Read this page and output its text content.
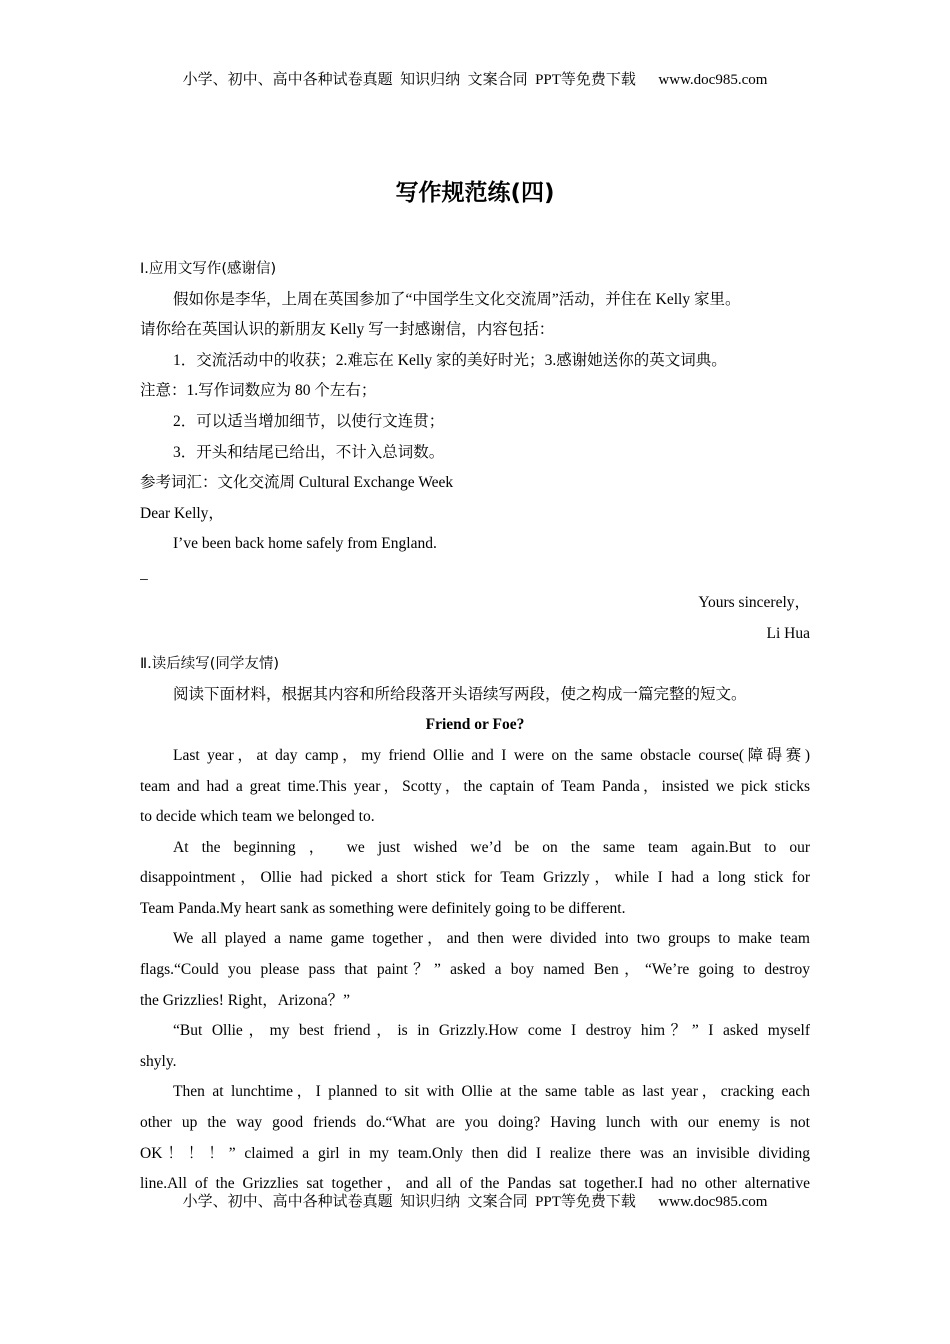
小学、初中、高中各种试卷真题  知识归纳  文案合同  PPT等免费下载      www.doc985.com
写作规范练(四)
Ⅰ.应用文写作(感谢信)
假如你是李华，上周在英国参加了“中国学生文化交流周”活动，并住在 Kelly 家里。
请你给在英国认识的新朋友 Kelly 写一封感谢信，内容包括：
1．交流活动中的收获；2.难忘在 Kelly 家的美好时光；3.感谢她送你的英文词典。
注意：1.写作词数应为 80 个左右；
2．可以适当增加细节，以使行文连贯；
3．开头和结尾已给出，不计入总词数。
参考词汇：文化交流周 Cultural Exchange Week
Dear Kelly，
I’ve been back home safely from England.
_
Yours sincerely，
Li Hua
Ⅱ.读后续写(同学友情)
阅读下面材料，根据其内容和所给段落开头语续写两段，使之构成一篇完整的短文。
Friend or Foe?
Last year，at day camp，my friend Ollie and I were on the same obstacle course(障碍赛)
team and had a great time.This year，Scotty，the captain of Team Panda，insisted we pick sticks
to decide which team we belonged to.
At the beginning ， we just wished we’d be on the same team again.But to our
disappointment，Ollie had picked a short stick for Team Grizzly，while I had a long stick for
Team Panda.My heart sank as something were definitely going to be different.
We all played a name game together，and then were divided into two groups to make team
flags.“Could you please pass that paint？” asked a boy named Ben，“We’re going to destroy
the Grizzlies! Right，Arizona？”
“But Ollie，my best friend，is in Grizzly.How come I destroy him？” I asked myself
shyly.
Then at lunchtime，I planned to sit with Ollie at the same table as last year，cracking each
other up the way good friends do.“What are you doing? Having lunch with our enemy is not
OK！！！” claimed a girl in my team.Only then did I realize there was an invisible dividing
line.All of the Grizzlies sat together，and all of the Pandas sat together.I had no other alternative
小学、初中、高中各种试卷真题  知识归纳  文案合同  PPT等免费下载      www.doc985.com
